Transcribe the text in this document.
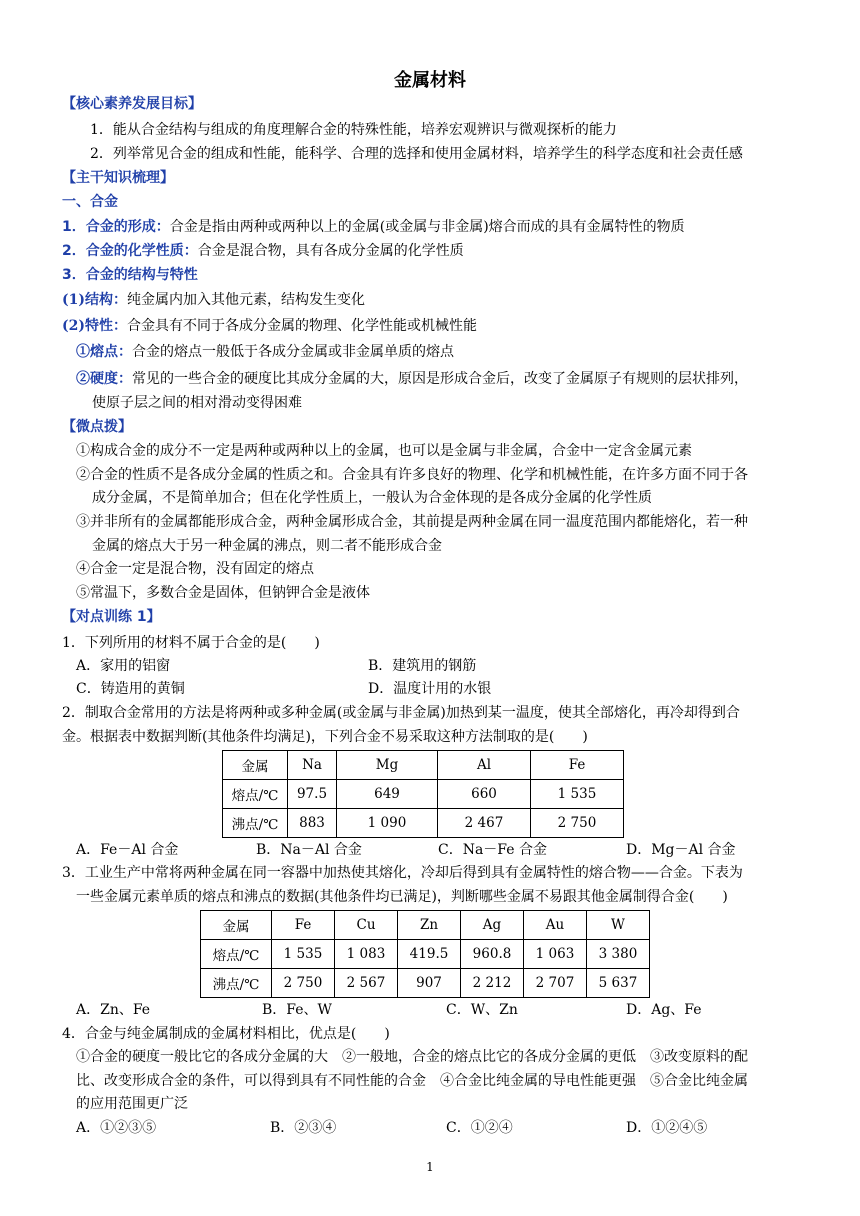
金属材料
【核心素养发展目标】
1．能从合金结构与组成的角度理解合金的特殊性能，培养宏观辨识与微观探析的能力
2．列举常见合金的组成和性能，能科学、合理的选择和使用金属材料，培养学生的科学态度和社会责任感
【主干知识梳理】
一、合金
1．合金的形成：合金是指由两种或两种以上的金属(或金属与非金属)熔合而成的具有金属特性的物质
2．合金的化学性质：合金是混合物，具有各成分金属的化学性质
3．合金的结构与特性
(1)结构：纯金属内加入其他元素，结构发生变化
(2)特性：合金具有不同于各成分金属的物理、化学性能或机械性能
①熔点：合金的熔点一般低于各成分金属或非金属单质的熔点
②硬度：常见的一些合金的硬度比其成分金属的大，原因是形成合金后，改变了金属原子有规则的层状排列，
使原子层之间的相对滑动变得困难
【微点拨】
①构成合金的成分不一定是两种或两种以上的金属，也可以是金属与非金属，合金中一定含金属元素
②合金的性质不是各成分金属的性质之和。合金具有许多良好的物理、化学和机械性能，在许多方面不同于各
成分金属，不是简单加合；但在化学性质上，一般认为合金体现的是各成分金属的化学性质
③并非所有的金属都能形成合金，两种金属形成合金，其前提是两种金属在同一温度范围内都能熔化，若一种
金属的熔点大于另一种金属的沸点，则二者不能形成合金
④合金一定是混合物，没有固定的熔点
⑤常温下，多数合金是固体，但钠钾合金是液体
【对点训练 1】
1．下列所用的材料不属于合金的是(　　)
A．家用的铝窗	B．建筑用的钢筋
C．铸造用的黄铜	D．温度计用的水银
2．制取合金常用的方法是将两种或多种金属(或金属与非金属)加热到某一温度，使其全部熔化，再冷却得到合
金。根据表中数据判断(其他条件均满足)，下列合金不易采取这种方法制取的是(　　)
金属	Na	Mg	Al	Fe
熔点/℃	97.5	649	660	1 535
沸点/℃	883	1 090	2 467	2 750
A．Fe－Al 合金	B．Na－Al 合金	C．Na－Fe 合金	D．Mg－Al 合金
3．工业生产中常将两种金属在同一容器中加热使其熔化，冷却后得到具有金属特性的熔合物——合金。下表为
一些金属元素单质的熔点和沸点的数据(其他条件均已满足)，判断哪些金属不易跟其他金属制得合金(　　)
金属	Fe	Cu	Zn	Ag	Au	W
熔点/℃	1 535	1 083	419.5	960.8	1 063	3 380
沸点/℃	2 750	2 567	907	2 212	2 707	5 637
A．Zn、Fe	B．Fe、W	C．W、Zn	D．Ag、Fe
4．合金与纯金属制成的金属材料相比，优点是(　　)
①合金的硬度一般比它的各成分金属的大　②一般地，合金的熔点比它的各成分金属的更低　③改变原料的配
比、改变形成合金的条件，可以得到具有不同性能的合金　④合金比纯金属的导电性能更强　⑤合金比纯金属
的应用范围更广泛
A．①②③⑤	B．②③④	C．①②④	D．①②④⑤
1
